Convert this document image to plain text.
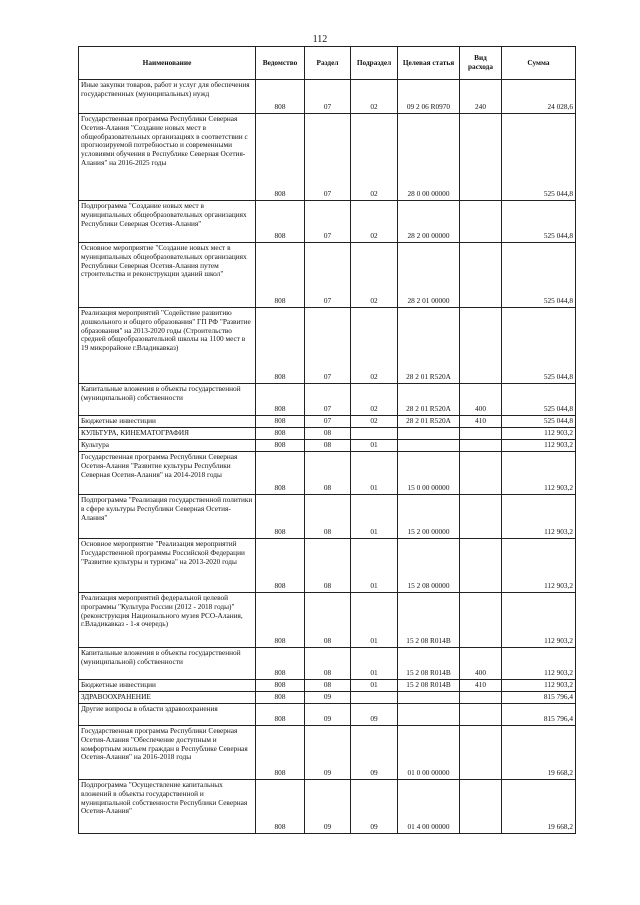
112
Наименование	Ведомство	Раздел	Подраздел	Целевая статья	Вид расхода	Сумма
Иные закупки товаров, работ и услуг для обеспечения государственных (муниципальных) нужд	808	07	02	09 2 06 R0970	240	24 028,6
Государственная программа Республики Северная Осетия-Алания "Создание новых мест в общеобразовательных организациях в соответствии с прогнозируемой потребностью и современными условиями обучения в Республике Северная Осетия-Алания" на 2016-2025 годы	808	07	02	28 0 00 00000		525 044,8
Подпрограмма "Создание новых мест в муниципальных общеобразовательных организациях Республики Северная Осетия-Алания"	808	07	02	28 2 00 00000		525 044,8
Основное мероприятие "Создание новых мест в муниципальных общеобразовательных организациях Республики Северная Осетия-Алания путем строительства и реконструкции зданий школ"	808	07	02	28 2 01 00000		525 044,8
Реализация мероприятий "Содействие развитию дошкольного и общего образования" ГП РФ "Развитие образования" на 2013-2020 годы (Строительство средней общеобразовательной школы на 1100 мест в 19 микрорайоне г.Владикавказ)	808	07	02	28 2 01 R520A		525 044,8
Капитальные вложения в объекты государственной (муниципальной) собственности	808	07	02	28 2 01 R520A	400	525 044,8
Бюджетные инвестиции	808	07	02	28 2 01 R520A	410	525 044,8
КУЛЬТУРА, КИНЕМАТОГРАФИЯ	808	08				112 903,2
Культура	808	08	01			112 903,2
Государственная программа Республики Северная Осетия-Алания "Развитие культуры Республики Северная Осетия-Алания" на 2014-2018 годы	808	08	01	15 0 00 00000		112 903,2
Подпрограмма "Реализация государственной политики в сфере культуры Республики Северная Осетия-Алания"	808	08	01	15 2 00 00000		112 903,2
Основное мероприятие "Реализация мероприятий Государственной программы Российской Федерации "Развитие культуры и туризма" на 2013-2020 годы	808	08	01	15 2 08 00000		112 903,2
Реализация мероприятий федеральной целевой программы "Культура России (2012 - 2018 годы)" (реконструкция Национального музея РСО-Алания, г.Владикавказ - 1-я очередь)	808	08	01	15 2 08 R014B		112 903,2
Капитальные вложения в объекты государственной (муниципальной) собственности	808	08	01	15 2 08 R014B	400	112 903,2
Бюджетные инвестиции	808	08	01	15 2 08 R014B	410	112 903,2
ЗДРАВООХРАНЕНИЕ	808	09				815 796,4
Другие вопросы в области здравоохранения	808	09	09			815 796,4
Государственная программа Республики Северная Осетия-Алания "Обеспечение доступным и комфортным жильем граждан в Республике Северная Осетия-Алания" на 2016-2018 годы	808	09	09	01 0 00 00000		19 668,2
Подпрограмма "Осуществление капитальных вложений в объекты государственной и муниципальной собственности Республики Северная Осетия-Алания"	808	09	09	01 4 00 00000		19 668,2
